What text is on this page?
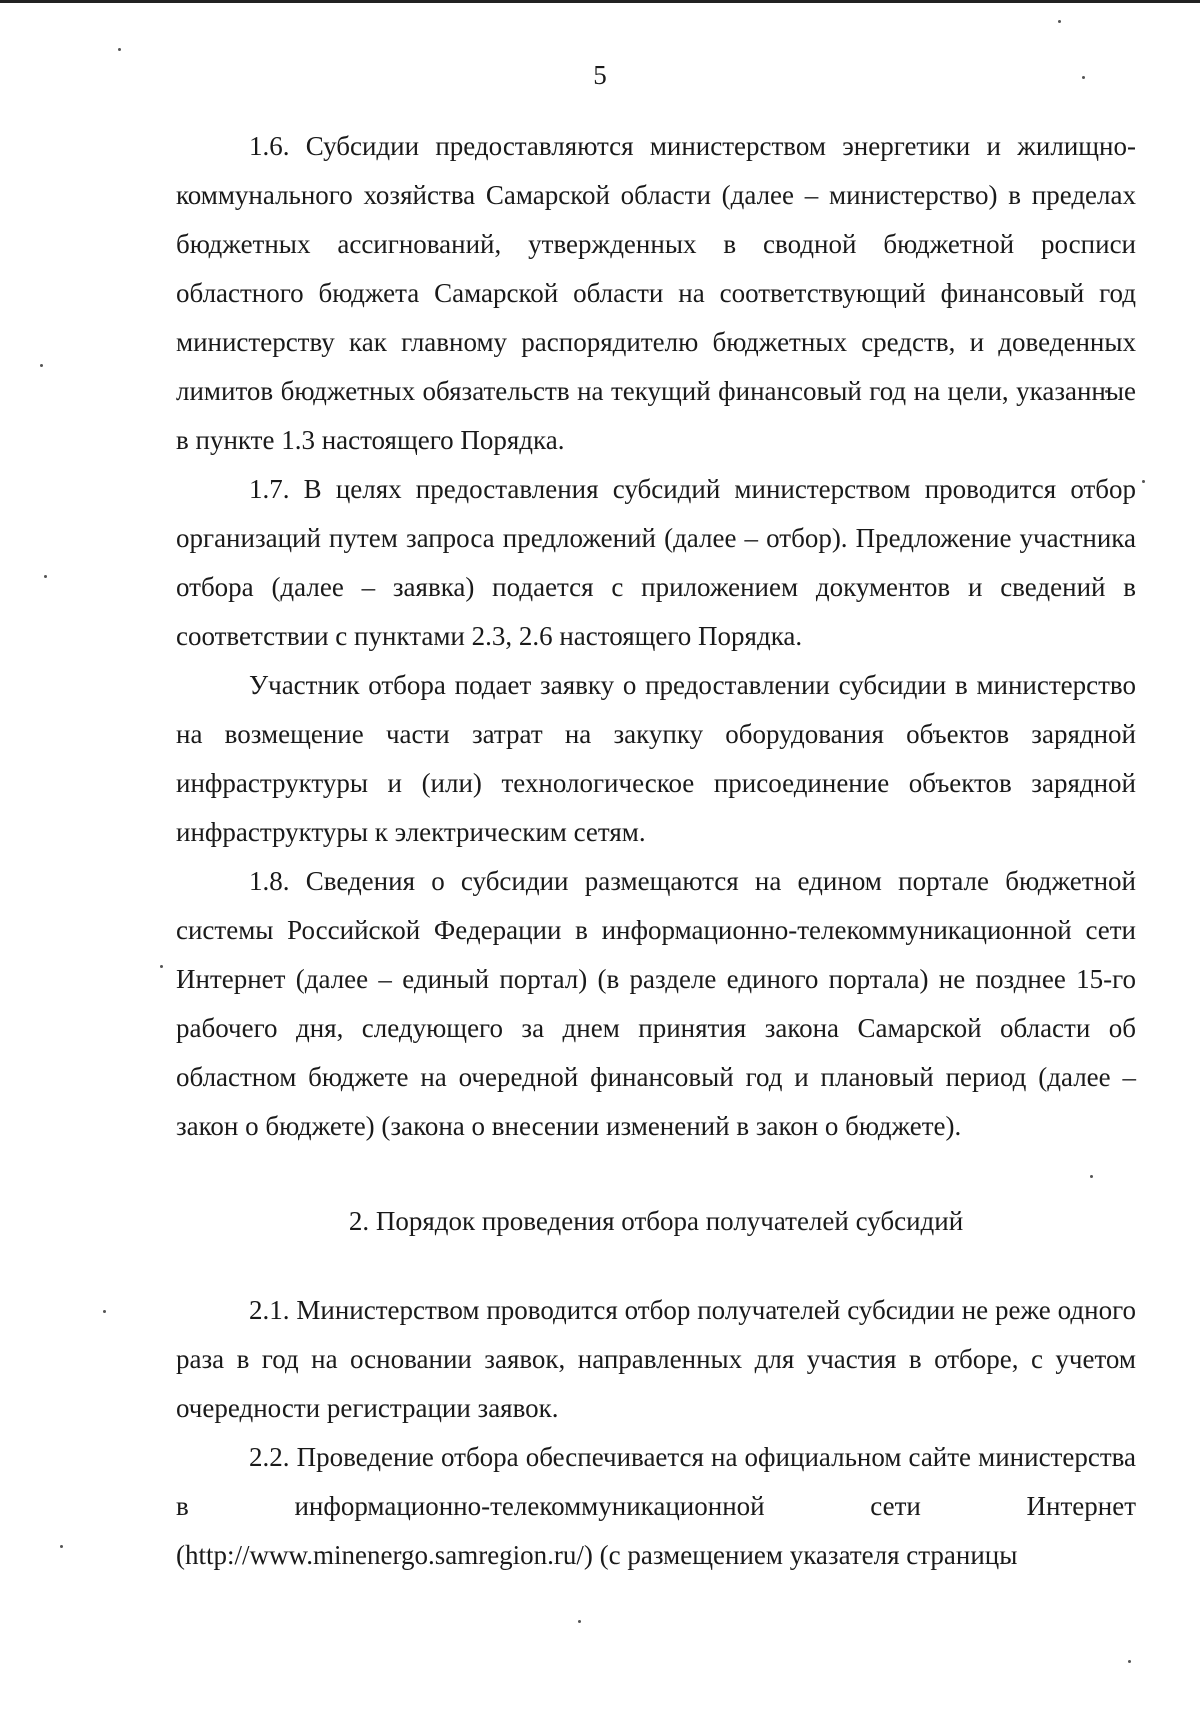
5

1.6. Субсидии предоставляются министерством энергетики и жилищно-коммунального хозяйства Самарской области (далее – министерство) в пределах бюджетных ассигнований, утвержденных в сводной бюджетной росписи областного бюджета Самарской области на соответствующий финансовый год министерству как главному распорядителю бюджетных средств, и доведенных лимитов бюджетных обязательств на текущий финансовый год на цели, указанные в пункте 1.3 настоящего Порядка.

1.7. В целях предоставления субсидий министерством проводится отбор организаций путем запроса предложений (далее – отбор). Предложение участника отбора (далее – заявка) подается с приложением документов и сведений в соответствии с пунктами 2.3, 2.6 настоящего Порядка.

Участник отбора подает заявку о предоставлении субсидии в министерство на возмещение части затрат на закупку оборудования объектов зарядной инфраструктуры и (или) технологическое присоединение объектов зарядной инфраструктуры к электрическим сетям.

1.8. Сведения о субсидии размещаются на едином портале бюджетной системы Российской Федерации в информационно-телекоммуникационной сети Интернет (далее – единый портал) (в разделе единого портала) не позднее 15-го рабочего дня, следующего за днем принятия закона Самарской области об областном бюджете на очередной финансовый год и плановый период (далее – закон о бюджете) (закона о внесении изменений в закон о бюджете).

2. Порядок проведения отбора получателей субсидий

2.1. Министерством проводится отбор получателей субсидии не реже одного раза в год на основании заявок, направленных для участия в отборе, с учетом очередности регистрации заявок.

2.2. Проведение отбора обеспечивается на официальном сайте министерства в информационно-телекоммуникационной сети Интернет (http://www.minenergo.samregion.ru/) (с размещением указателя страницы
